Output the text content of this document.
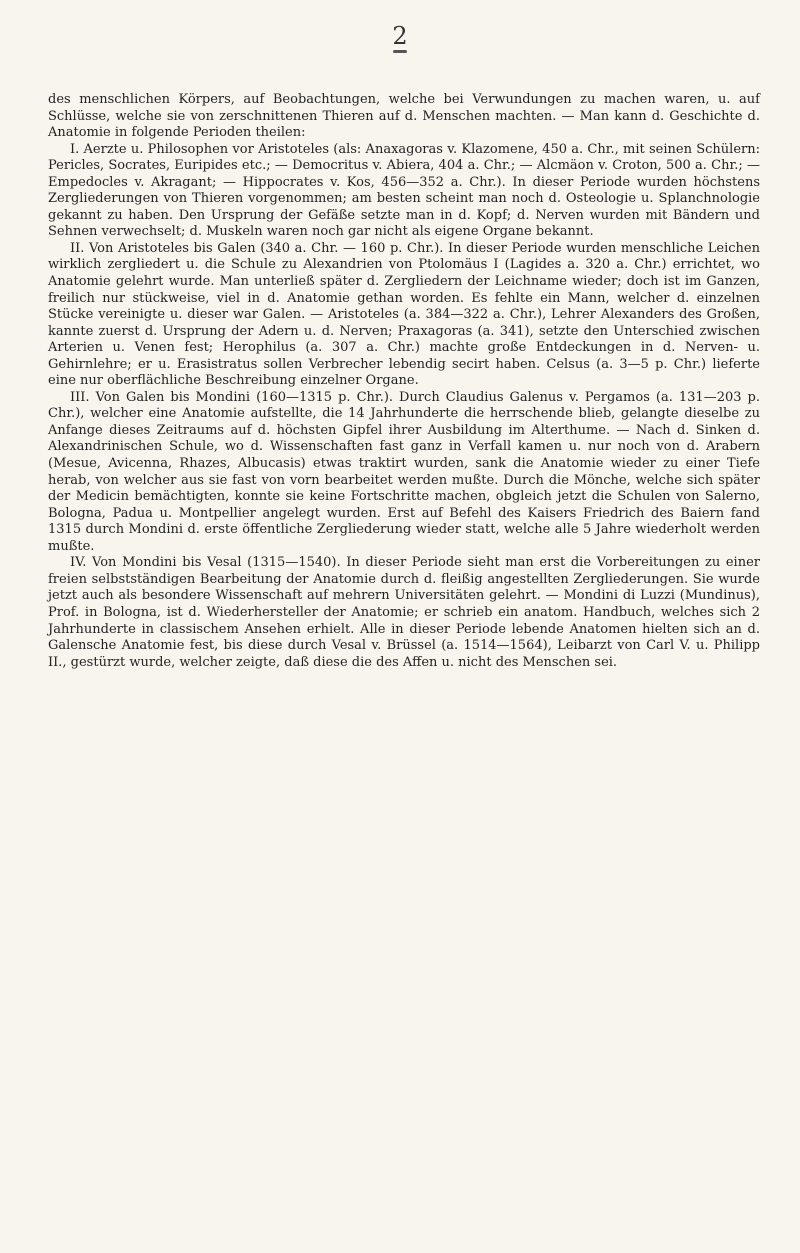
2

des menschlichen Körpers, auf Beobachtungen, welche bei Verwundungen zu machen waren, u. auf Schlüsse, welche sie von zerschnittenen Thieren auf d. Menschen machten. — Man kann d. Geschichte d. Anatomie in folgende Perioden theilen:

I. Aerzte u. Philosophen vor Aristoteles (als: Anaxagoras v. Klazomene, 450 a. Chr., mit seinen Schülern: Pericles, Socrates, Euripides etc.; — Democritus v. Abiera, 404 a. Chr.; — Alcmäon v. Croton, 500 a. Chr.; — Empedocles v. Akragant; — Hippocrates v. Kos, 456—352 a. Chr.). In dieser Periode wurden höchstens Zergliederungen von Thieren vorgenommen; am besten scheint man noch d. Osteologie u. Splanchnologie gekannt zu haben. Den Ursprung der Gefäße setzte man in d. Kopf; d. Nerven wurden mit Bändern und Sehnen verwechselt; d. Muskeln waren noch gar nicht als eigene Organe bekannt.

II. Von Aristoteles bis Galen (340 a. Chr. — 160 p. Chr.). In dieser Periode wurden menschliche Leichen wirklich zergliedert u. die Schule zu Alexandrien von Ptolomäus I (Lagides a. 320 a. Chr.) errichtet, wo Anatomie gelehrt wurde. Man unterließ später d. Zergliedern der Leichname wieder; doch ist im Ganzen, freilich nur stückweise, viel in d. Anatomie gethan worden. Es fehlte ein Mann, welcher d. einzelnen Stücke vereinigte u. dieser war Galen. — Aristoteles (a. 384—322 a. Chr.), Lehrer Alexanders des Großen, kannte zuerst d. Ursprung der Adern u. d. Nerven; Praxagoras (a. 341), setzte den Unterschied zwischen Arterien u. Venen fest; Herophilus (a. 307 a. Chr.) machte große Entdeckungen in d. Nerven- u. Gehirnlehre; er u. Erasistratus sollen Verbrecher lebendig secirt haben. Celsus (a. 3—5 p. Chr.) lieferte eine nur oberflächliche Beschreibung einzelner Organe.

III. Von Galen bis Mondini (160—1315 p. Chr.). Durch Claudius Galenus v. Pergamos (a. 131—203 p. Chr.), welcher eine Anatomie aufstellte, die 14 Jahrhunderte die herrschende blieb, gelangte dieselbe zu Anfange dieses Zeitraums auf d. höchsten Gipfel ihrer Ausbildung im Alterthume. — Nach d. Sinken d. Alexandrinischen Schule, wo d. Wissenschaften fast ganz in Verfall kamen u. nur noch von d. Arabern (Mesue, Avicenna, Rhazes, Albucasis) etwas traktirt wurden, sank die Anatomie wieder zu einer Tiefe herab, von welcher aus sie fast von vorn bearbeitet werden mußte. Durch die Mönche, welche sich später der Medicin bemächtigten, konnte sie keine Fortschritte machen, obgleich jetzt die Schulen von Salerno, Bologna, Padua u. Montpellier angelegt wurden. Erst auf Befehl des Kaisers Friedrich des Baiern fand 1315 durch Mondini d. erste öffentliche Zergliederung wieder statt, welche alle 5 Jahre wiederholt werden mußte.

IV. Von Mondini bis Vesal (1315—1540). In dieser Periode sieht man erst die Vorbereitungen zu einer freien selbstständigen Bearbeitung der Anatomie durch d. fleißig angestellten Zergliederungen. Sie wurde jetzt auch als besondere Wissenschaft auf mehrern Universitäten gelehrt. — Mondini di Luzzi (Mundinus), Prof. in Bologna, ist d. Wiederhersteller der Anatomie; er schrieb ein anatom. Handbuch, welches sich 2 Jahrhunderte in classischem Ansehen erhielt. Alle in dieser Periode lebende Anatomen hielten sich an d. Galensche Anatomie fest, bis diese durch Vesal v. Brüssel (a. 1514—1564), Leibarzt von Carl V. u. Philipp II., gestürzt wurde, welcher zeigte, daß diese die des Affen u. nicht des Menschen sei.
